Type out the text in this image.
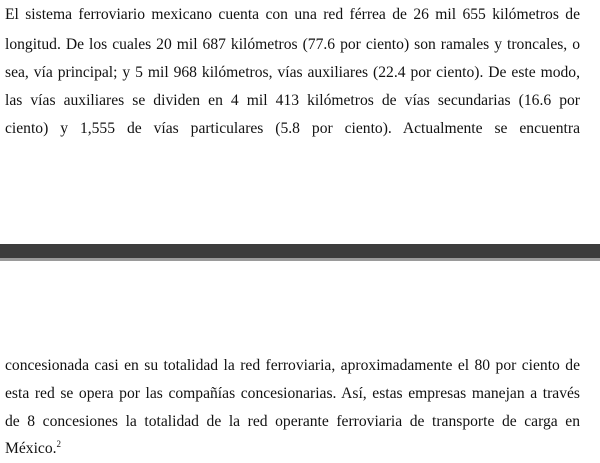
El sistema ferroviario mexicano cuenta con una red férrea de 26 mil 655 kilómetros de
longitud. De los cuales 20 mil 687 kilómetros (77.6 por ciento) son ramales y troncales, o
sea, vía principal; y 5 mil 968 kilómetros, vías auxiliares (22.4 por ciento). De este modo,
las vías auxiliares se dividen en 4 mil 413 kilómetros de vías secundarias (16.6 por
ciento) y 1,555 de vías particulares (5.8 por ciento). Actualmente se encuentra
concesionada casi en su totalidad la red ferroviaria, aproximadamente el 80 por ciento de
esta red se opera por las compañías concesionarias. Así, estas empresas manejan a través
de 8 concesiones la totalidad de la red operante ferroviaria de transporte de carga en
México.$^2$
